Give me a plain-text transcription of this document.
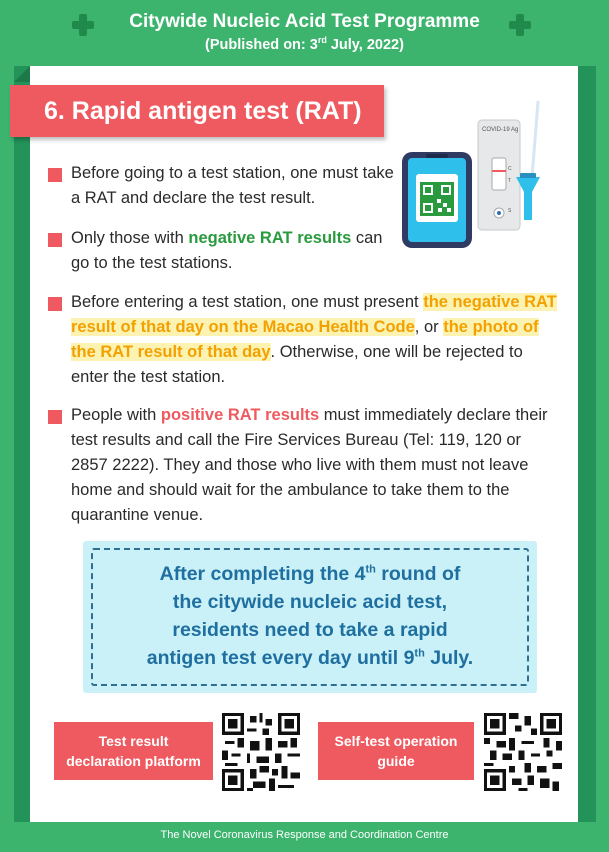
Citywide Nucleic Acid Test Programme
(Published on: 3rd July, 2022)
6. Rapid antigen test (RAT)
COVID-19 Ag
C
T
S
Before going to a test station, one must take a RAT and declare the test result.
Only those with negative RAT results can go to the test stations.
Before entering a test station, one must present the negative RAT result of that day on the Macao Health Code, or the photo of the RAT result of that day. Otherwise, one will be rejected to enter the test station.
People with positive RAT results must immediately declare their test results and call the Fire Services Bureau (Tel: 119, 120 or 2857 2222). They and those who live with them must not leave home and should wait for the ambulance to take them to the quarantine venue.
After completing the 4th round of
the citywide nucleic acid test,
residents need to take a rapid
antigen test every day until 9th July.
Test result
declaration platform
Self-test operation
guide
The Novel Coronavirus Response and Coordination Centre
